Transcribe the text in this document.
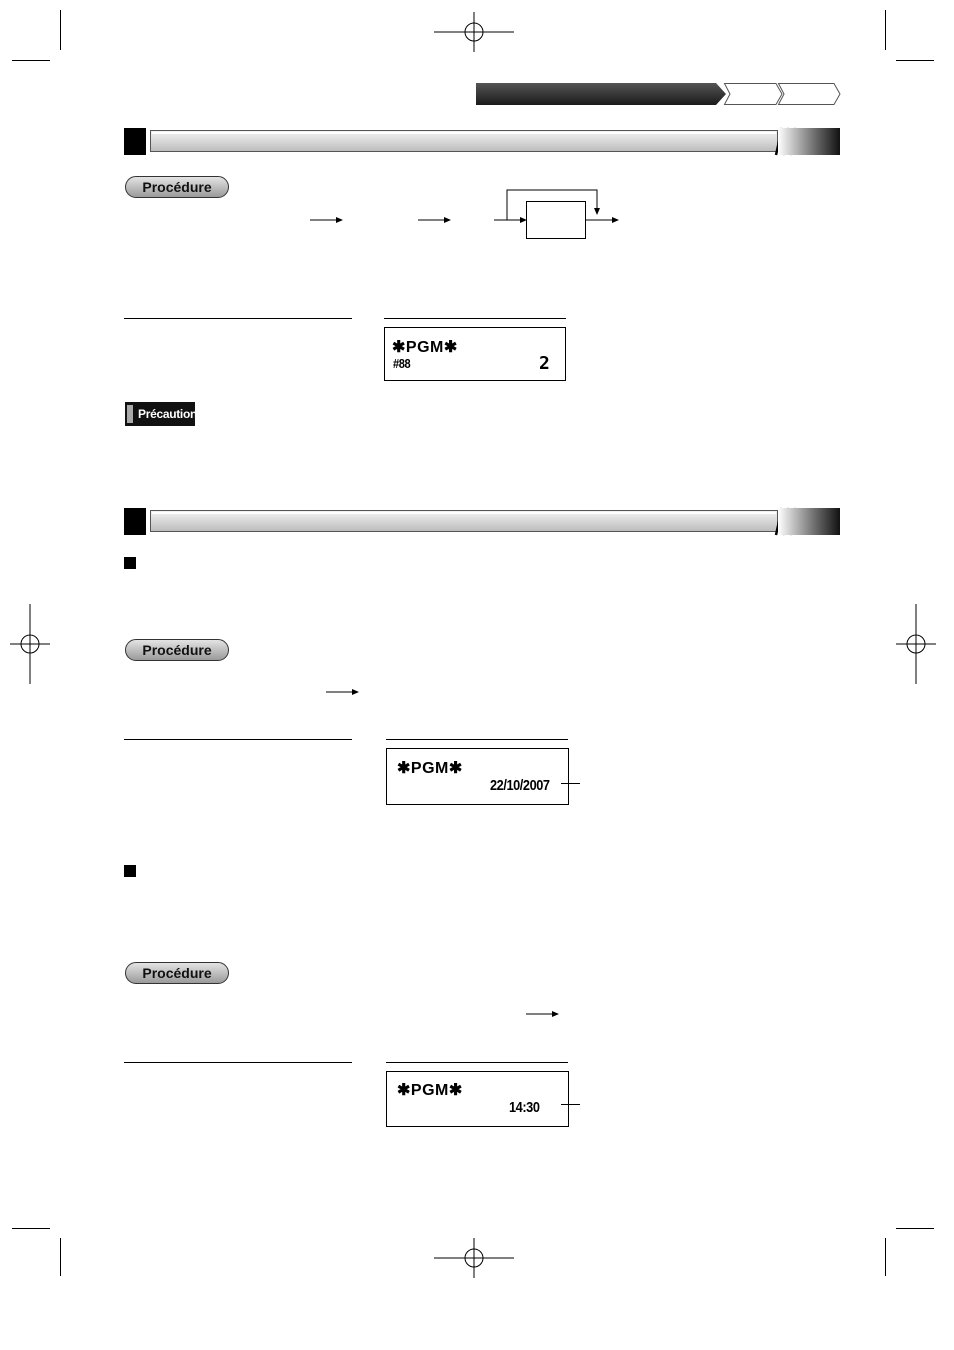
Procédure
✱PGM✱
#88	2
Précaution
Procédure
✱PGM✱
22/10/2007
Procédure
✱PGM✱
14:30
